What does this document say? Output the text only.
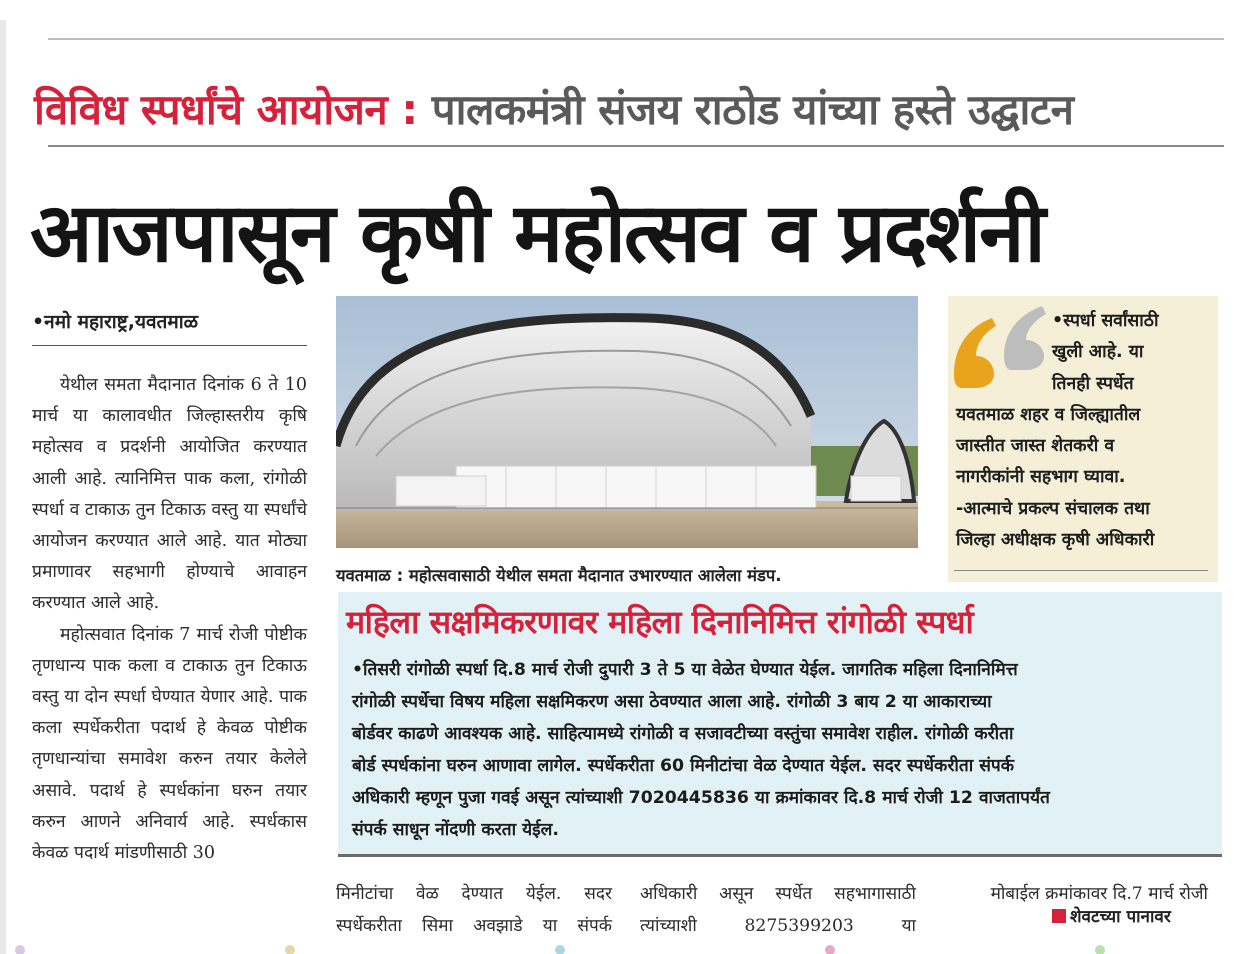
विविध स्पर्धांचे आयोजन : पालकमंत्री संजय राठोड यांच्या हस्ते उद्घाटन
आजपासून कृषी महोत्सव व प्रदर्शनी
•नमो महाराष्ट्र,यवतमाळ

येथील समता मैदानात दिनांक 6 ते 10 मार्च या कालावधीत जिल्हास्तरीय कृषि महोत्सव व प्रदर्शनी आयोजित करण्यात आली आहे. त्यानिमित्त पाक कला, रांगोळी स्पर्धा व टाकाऊ तुन टिकाऊ वस्तु या स्पर्धांचे आयोजन करण्यात आले आहे. यात मोठ्या प्रमाणावर सहभागी होण्याचे आवाहन करण्यात आले आहे.

महोत्सवात दिनांक 7 मार्च रोजी पोष्टीक तृणधान्य पाक कला व टाकाऊ तुन टिकाऊ वस्तु या दोन स्पर्धा घेण्यात येणार आहे. पाक कला स्पर्धेकरीता पदार्थ हे केवळ पोष्टीक तृणधान्यांचा समावेश करुन तयार केलेले असावे. पदार्थ हे स्पर्धकांना घरुन तयार करुन आणने अनिवार्य आहे. स्पर्धकास केवळ पदार्थ मांडणीसाठी 30

यवतमाळ : महोत्सवासाठी येथील समता मैदानात उभारण्यात आलेला मंडप.
•स्पर्धा सर्वांसाठी
खुली आहे. या
तिनही स्पर्धेत
यवतमाळ शहर व जिल्ह्यातील
जास्तीत जास्त शेतकरी व
नागरीकांनी सहभाग घ्यावा.
-आत्माचे प्रकल्प संचालक तथा
जिल्हा अधीक्षक कृषी अधिकारी
महिला सक्षमिकरणावर महिला दिनानिमित्त रांगोळी स्पर्धा
•तिसरी रांगोळी स्पर्धा दि.8 मार्च रोजी दुपारी 3 ते 5 या वेळेत घेण्यात येईल. जागतिक महिला दिनानिमित्त
रांगोळी स्पर्धेचा विषय महिला सक्षमिकरण असा ठेवण्यात आला आहे. रांगोळी 3 बाय 2 या आकाराच्या
बोर्डवर काढणे आवश्यक आहे. साहित्यामध्ये रांगोळी व सजावटीच्या वस्तुंचा समावेश राहील. रांगोळी करीता
बोर्ड स्पर्धकांना घरुन आणावा लागेल. स्पर्धेकरीता 60 मिनीटांचा वेळ देण्यात येईल. सदर स्पर्धेकरीता संपर्क
अधिकारी म्हणून पुजा गवई असून त्यांच्याशी 7020445836 या क्रमांकावर दि.8 मार्च रोजी 12 वाजतापर्यंत
संपर्क साधून नोंदणी करता येईल.

मिनीटांचा वेळ देण्यात येईल. सदर

स्पर्धेकरीता सिमा अवझाडे या संपर्क

अधिकारी असून स्पर्धेत सहभागासाठी

त्यांच्याशी 8275399203 या

मोबाईल क्रमांकावर दि.7 मार्च रोजी

शेवटच्या पानावर
